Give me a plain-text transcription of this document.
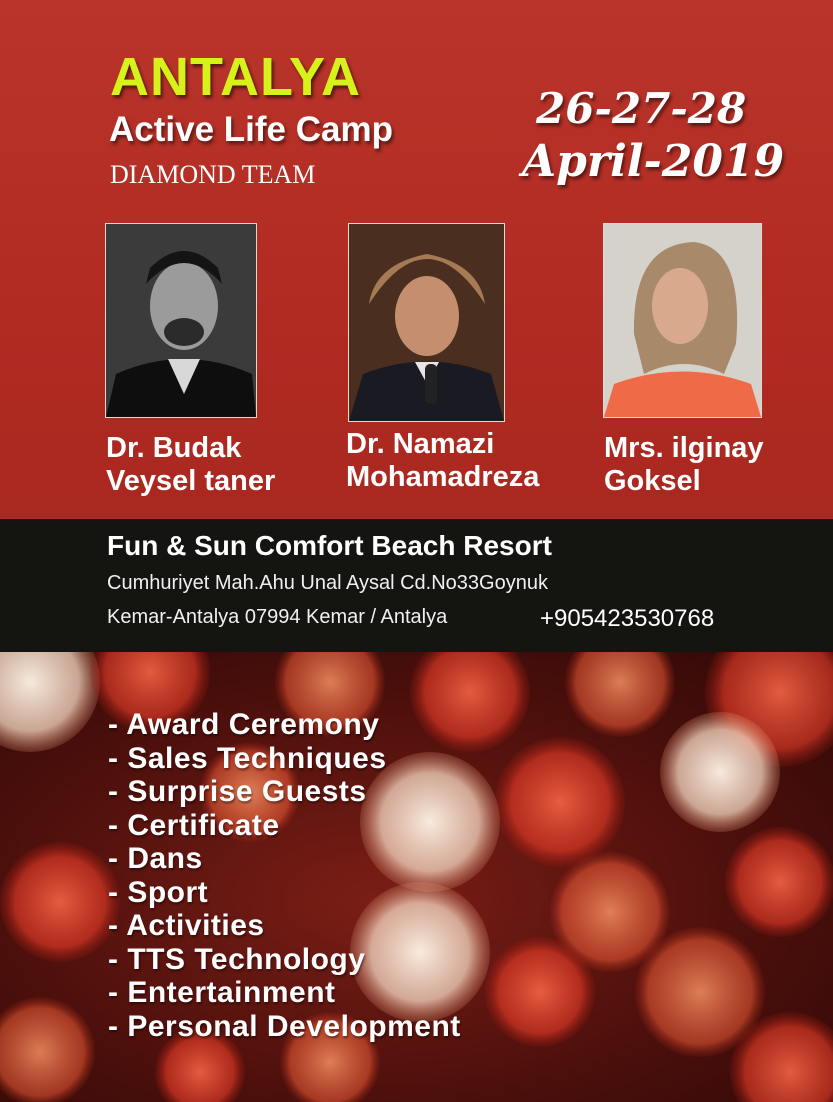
ANTALYA
Active Life Camp
DIAMOND TEAM
26-27-28
April-2019
Dr. Budak
Veysel taner
Dr. Namazi
Mohamadreza
Mrs. ilginay
Goksel
Fun & Sun Comfort Beach Resort
Cumhuriyet Mah.Ahu Unal Aysal Cd.No33Goynuk
Kemar-Antalya 07994 Kemar / Antalya	+905423530768
- Award Ceremony
- Sales Techniques
- Surprise Guests
- Certificate
- Dans
- Sport
- Activities
- TTS Technology
- Entertainment
- Personal Development
